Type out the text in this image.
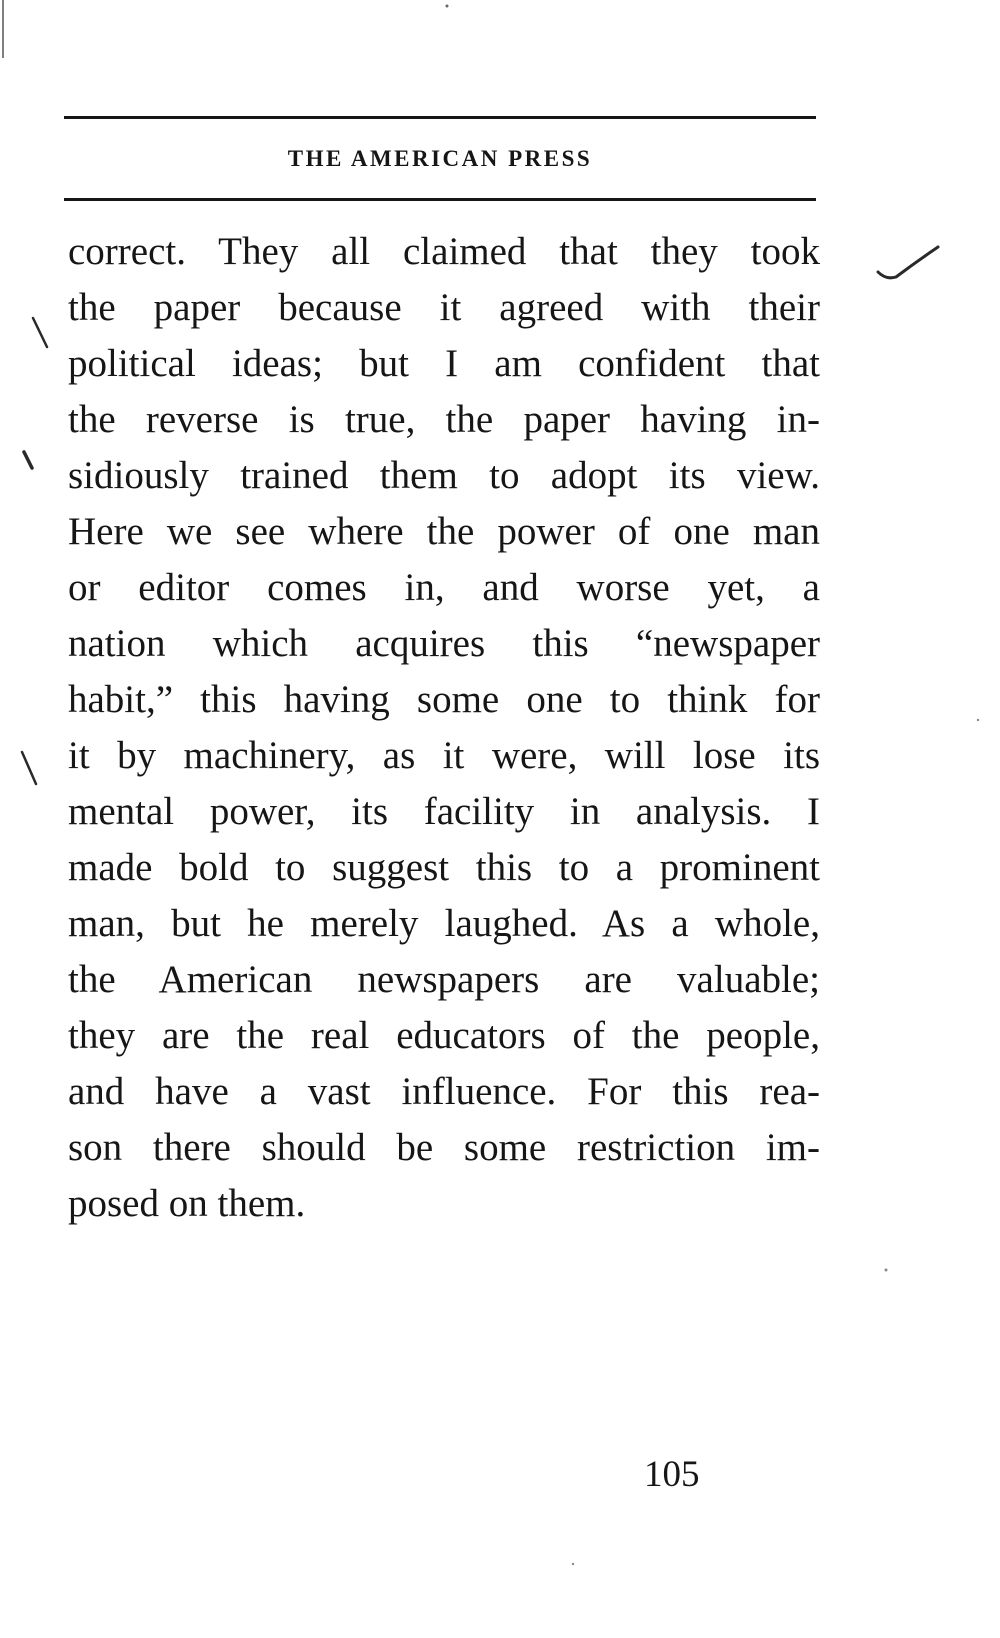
THE AMERICAN PRESS
correct. They all claimed that they took
the paper because it agreed with their
political ideas; but I am confident that
the reverse is true, the paper having in-
sidiously trained them to adopt its view.
Here we see where the power of one man
or editor comes in, and worse yet, a
nation which acquires this “newspaper
habit,” this having some one to think for
it by machinery, as it were, will lose its
mental power, its facility in analysis. I
made bold to suggest this to a prominent
man, but he merely laughed. As a whole,
the American newspapers are valuable;
they are the real educators of the people,
and have a vast influence. For this rea-
son there should be some restriction im-
posed on them.
105
